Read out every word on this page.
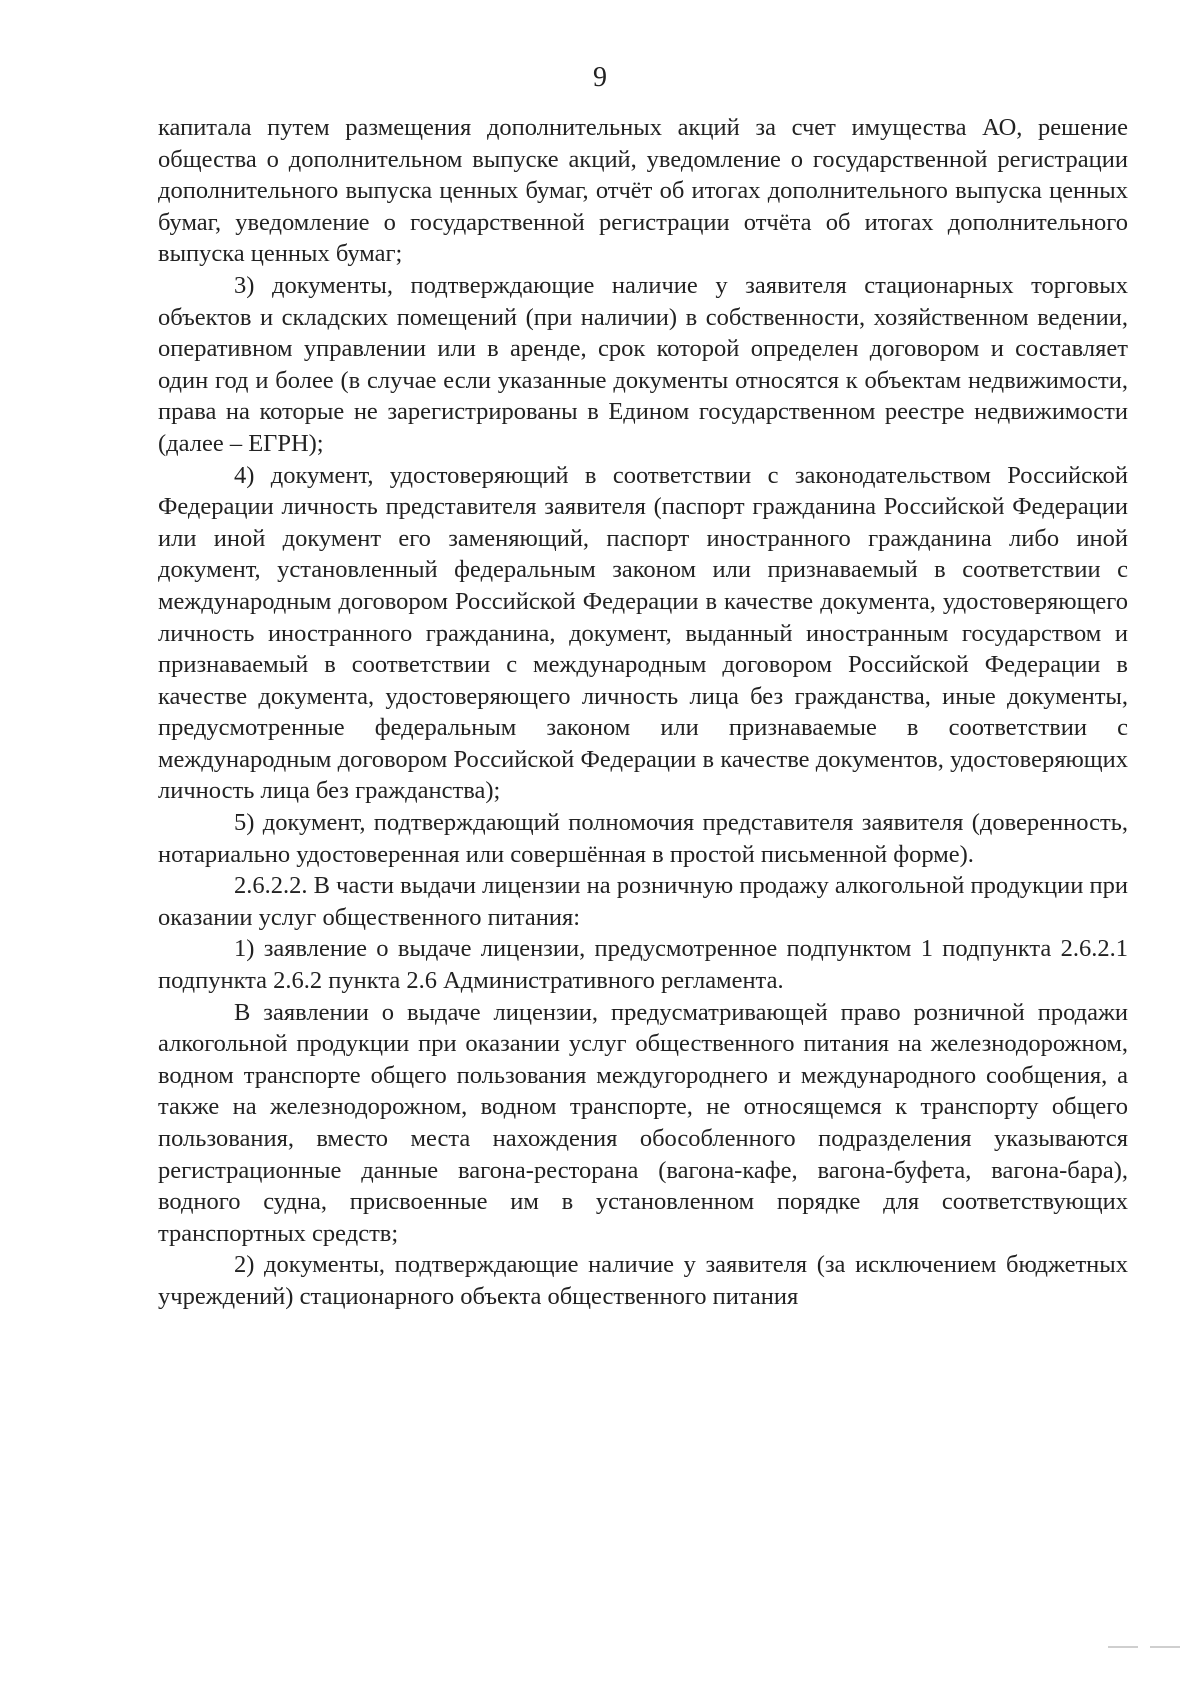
9

капитала путем размещения дополнительных акций за счет имущества АО, решение общества о дополнительном выпуске акций, уведомление о государственной регистрации дополнительного выпуска ценных бумаг, отчёт об итогах дополнительного выпуска ценных бумаг, уведомление о государственной регистрации отчёта об итогах дополнительного выпуска ценных бумаг;

3) документы, подтверждающие наличие у заявителя стационарных торговых объектов и складских помещений (при наличии) в собственности, хозяйственном ведении, оперативном управлении или в аренде, срок которой определен договором и составляет один год и более (в случае если указанные документы относятся к объектам недвижимости, права на которые не зарегистрированы в Едином государственном реестре недвижимости (далее – ЕГРН);

4) документ, удостоверяющий в соответствии с законодательством Российской Федерации личность представителя заявителя (паспорт гражданина Российской Федерации или иной документ его заменяющий, паспорт иностранного гражданина либо иной документ, установленный федеральным законом или признаваемый в соответствии с международным договором Российской Федерации в качестве документа, удостоверяющего личность иностранного гражданина, документ, выданный иностранным государством и признаваемый в соответствии с международным договором Российской Федерации в качестве документа, удостоверяющего личность лица без гражданства, иные документы, предусмотренные федеральным законом или признаваемые в соответствии с международным договором Российской Федерации в качестве документов, удостоверяющих личность лица без гражданства);

5) документ, подтверждающий полномочия представителя заявителя (доверенность, нотариально удостоверенная или совершённая в простой письменной форме).

2.6.2.2. В части выдачи лицензии на розничную продажу алкогольной продукции при оказании услуг общественного питания:

1) заявление о выдаче лицензии, предусмотренное подпунктом 1 подпункта 2.6.2.1 подпункта 2.6.2 пункта 2.6 Административного регламента.

В заявлении о выдаче лицензии, предусматривающей право розничной продажи алкогольной продукции при оказании услуг общественного питания на железнодорожном, водном транспорте общего пользования междугороднего и международного сообщения, а также на железнодорожном, водном транспорте, не относящемся к транспорту общего пользования, вместо места нахождения обособленного подразделения указываются регистрационные данные вагона-ресторана (вагона-кафе, вагона-буфета, вагона-бара), водного судна, присвоенные им в установленном порядке для соответствующих транспортных средств;

2) документы, подтверждающие наличие у заявителя (за исключением бюджетных учреждений) стационарного объекта общественного питания
